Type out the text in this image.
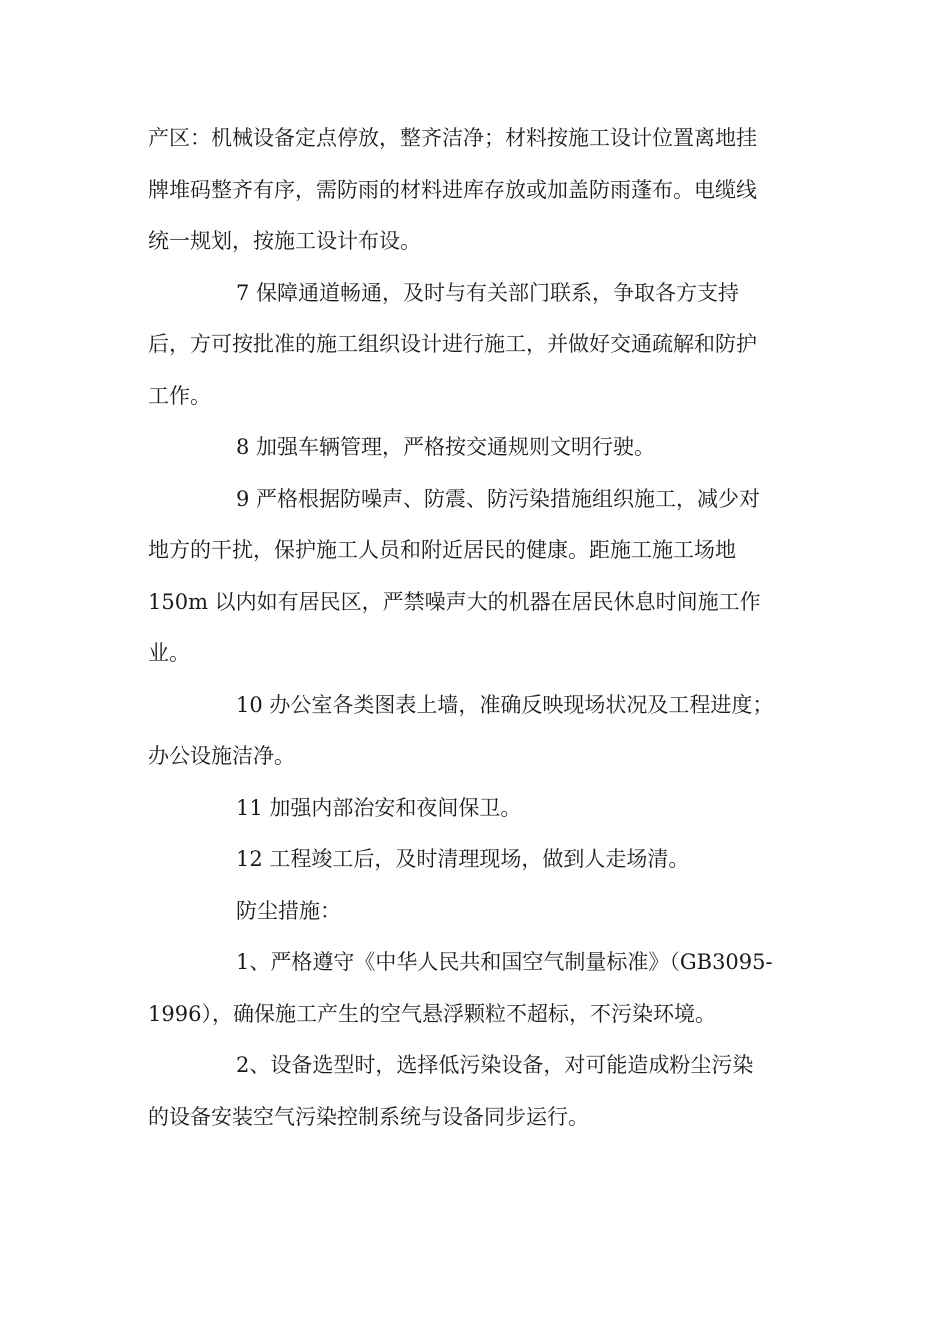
产区：机械设备定点停放，整齐洁净；材料按施工设计位置离地挂
牌堆码整齐有序，需防雨的材料进库存放或加盖防雨蓬布。电缆线
统一规划，按施工设计布设。

7 保障通道畅通，及时与有关部门联系，争取各方支持
后，方可按批准的施工组织设计进行施工，并做好交通疏解和防护
工作。

8 加强车辆管理，严格按交通规则文明行驶。

9 严格根据防噪声、防震、防污染措施组织施工，减少对
地方的干扰，保护施工人员和附近居民的健康。距施工施工场地
150m 以内如有居民区，严禁噪声大的机器在居民休息时间施工作
业。

10 办公室各类图表上墙，准确反映现场状况及工程进度；
办公设施洁净。

11 加强内部治安和夜间保卫。

12 工程竣工后，及时清理现场，做到人走场清。

防尘措施：

1、严格遵守《中华人民共和国空气制量标准》（GB3095-
1996），确保施工产生的空气悬浮颗粒不超标，不污染环境。

2、设备选型时，选择低污染设备，对可能造成粉尘污染
的设备安装空气污染控制系统与设备同步运行。
